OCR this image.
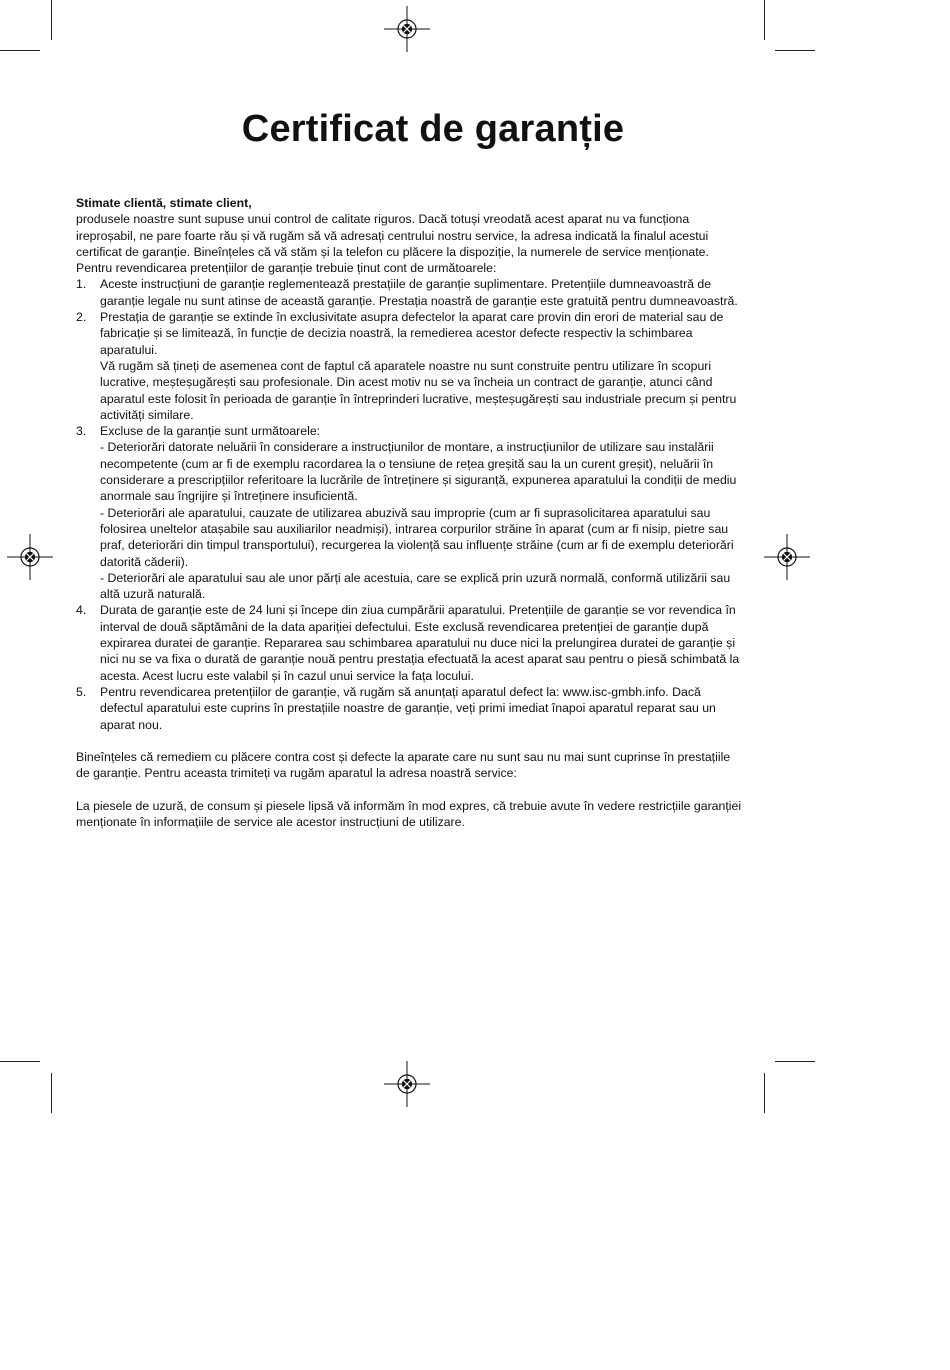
Certificat de garanție

Stimate clientă, stimate client,

produsele noastre sunt supuse unui control de calitate riguros. Dacă totuși vreodată acest aparat nu va funcționa ireproșabil, ne pare foarte rău și vă rugăm să vă adresați centrului nostru service, la adresa indicată la finalul acestui certificat de garanție. Bineînțeles că vă stăm și la telefon cu plăcere la dispoziție, la numerele de service menționate. Pentru revendicarea pretențiilor de garanție trebuie ținut cont de următoarele:

1. Aceste instrucțiuni de garanție reglementează prestațiile de garanție suplimentare. Pretențiile dumneavoastră de garanție legale nu sunt atinse de această garanție. Prestația noastră de garanție este gratuită pentru dumneavoastră.

2. Prestația de garanție se extinde în exclusivitate asupra defectelor la aparat care provin din erori de material sau de fabricație și se limitează, în funcție de decizia noastră, la remedierea acestor defecte respectiv la schimbarea aparatului.

Vă rugăm să țineți de asemenea cont de faptul că aparatele noastre nu sunt construite pentru utilizare în scopuri lucrative, meșteșugărești sau profesionale. Din acest motiv nu se va încheia un contract de garanție, atunci când aparatul este folosit în perioada de garanție în întreprinderi lucrative, meșteșugărești sau industriale precum și pentru activități similare.

3. Excluse de la garanție sunt următoarele:

- Deteriorări datorate neluării în considerare a instrucțiunilor de montare, a instrucțiunilor de utilizare sau instalării necompetente (cum ar fi de exemplu racordarea la o tensiune de rețea greșită sau la un curent greșit), neluării în considerare a prescripțiilor referitoare la lucrările de întreținere și siguranță, expunerea aparatului la condiții de mediu anormale sau îngrijire și întreținere insuficientă.

- Deteriorări ale aparatului, cauzate de utilizarea abuzivă sau improprie (cum ar fi suprasolicitarea aparatului sau folosirea uneltelor atașabile sau auxiliarilor neadmiși), intrarea corpurilor străine în aparat (cum ar fi nisip, pietre sau praf, deteriorări din timpul transportului), recurgerea la violență sau influențe străine (cum ar fi de exemplu deteriorări datorită căderii).

- Deteriorări ale aparatului sau ale unor părți ale acestuia, care se explică prin uzură normală, conformă utilizării sau altă uzură naturală.

4. Durata de garanție este de 24 luni și începe din ziua cumpărării aparatului. Pretențiile de garanție se vor revendica în interval de două săptămâni de la data apariției defectului. Este exclusă revendicarea pretenției de garanție după expirarea duratei de garanție. Repararea sau schimbarea aparatului nu duce nici la prelungirea duratei de garanție și nici nu se va fixa o durată de garanție nouă pentru prestația efectuată la acest aparat sau pentru o piesă schimbată la acesta. Acest lucru este valabil și în cazul unui service la fața locului.

5. Pentru revendicarea pretențiilor de garanție, vă rugăm să anunțați aparatul defect la: www.isc-gmbh.info. Dacă defectul aparatului este cuprins în prestațiile noastre de garanție, veți primi imediat înapoi aparatul reparat sau un aparat nou.

Bineînțeles că remediem cu plăcere contra cost și defecte la aparate care nu sunt sau nu mai sunt cuprinse în prestațiile de garanție. Pentru aceasta trimiteți va rugăm aparatul la adresa noastră service:

La piesele de uzură, de consum și piesele lipsă vă informăm în mod expres, că trebuie avute în vedere restricțiile garanției menționate în informațiile de service ale acestor instrucțiuni de utilizare.
